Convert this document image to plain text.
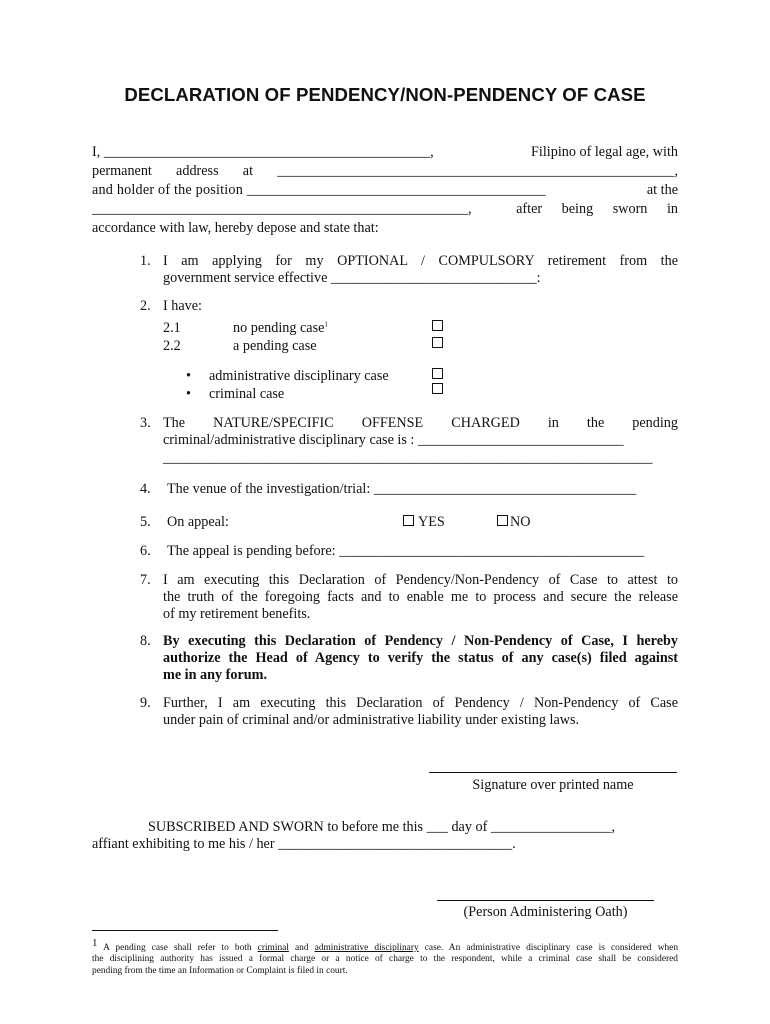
DECLARATION OF PENDENCY/NON-PENDENCY OF CASE
I, ______________________________________________,	Filipino of legal age, with
permanent address at ________________________________________________________,
and holder of the position _________________________________________	at the
_____________________________________________________,	after being sworn in
accordance with law, hereby depose and state that:
1. I am applying for my OPTIONAL / COMPULSORY retirement from the
government service effective _____________________________:
2. I have:
2.1	no pending case$^1$
2.2	a pending case
• administrative disciplinary case
• criminal case
3. The NATURE/SPECIFIC OFFENSE CHARGED in the pending
criminal/administrative disciplinary case is : _____________________________
_____________________________________________________________________
4.	The venue of the investigation/trial: _____________________________________
5.	On appeal:	YES	NO
6.	The appeal is pending before: ___________________________________________
7. I am executing this Declaration of Pendency/Non-Pendency of Case to attest to
the truth of the foregoing facts and to enable me to process and secure the release
of my retirement benefits.
8. By executing this Declaration of Pendency / Non-Pendency of Case, I hereby
authorize the Head of Agency to verify the status of any case(s) filed against
me in any forum.
9. Further, I am executing this Declaration of Pendency / Non-Pendency of Case
under pain of criminal and/or administrative liability under existing laws.
Signature over printed name
SUBSCRIBED AND SWORN to before me this ___ day of _________________,
affiant exhibiting to me his / her _________________________________.
(Person Administering Oath)
1 A pending case shall refer to both criminal and administrative disciplinary case. An administrative disciplinary case is considered when
the disciplining authority has issued a formal charge or a notice of charge to the respondent, while a criminal case shall be considered
pending from the time an Information or Complaint is filed in court.
